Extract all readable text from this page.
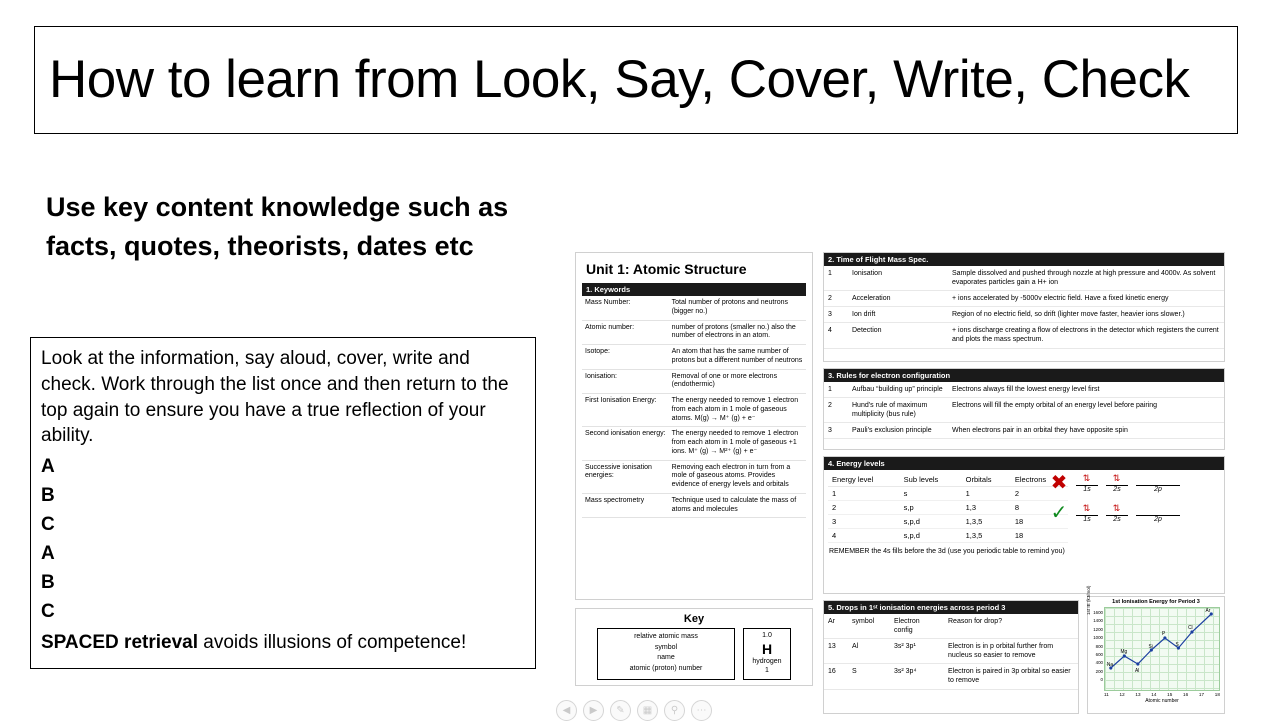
How to learn from Look, Say, Cover, Write, Check
Use key content knowledge such as facts, quotes, theorists, dates etc

Look at the information, say aloud, cover, write and check. Work through the list once and then return to the top again to ensure you have a true reflection of your ability.

A
B
C
A
B
C
SPACED retrieval avoids illusions of competence!
Unit 1: Atomic Structure
1. Keywords
Mass Number:	Total number of protons and neutrons (bigger no.)
Atomic number:	number of protons (smaller no.) also the number of electrons in an atom.
Isotope:	An atom that has the same number of protons but a different number of neutrons
Ionisation:	Removal of one or more electrons (endothermic)
First Ionisation Energy:	The energy needed to remove 1 electron from each atom in 1 mole of gaseous atoms. M(g) → M⁺ (g) + e⁻
Second ionisation energy:	The energy needed to remove 1 electron from each atom in 1 mole of gaseous +1 ions. M⁺ (g) → M²⁺ (g) + e⁻
Successive ionisation energies:	Removing each electron in turn from a mole of gaseous atoms. Provides evidence of energy levels and orbitals
Mass spectrometry	Technique used to calculate the mass of atoms and molecules
Key
relative atomic mass
symbol
name
atomic (proton) number
1.0
H
hydrogen
1
2. Time of Flight Mass Spec.
1	Ionisation	Sample dissolved and pushed through nozzle at high pressure and 4000v. As solvent evaporates particles gain a H+ ion
2	Acceleration	+ ions accelerated by -5000v electric field. Have a fixed kinetic energy
3	Ion drift	Region of no electric field, so drift (lighter move faster, heavier ions slower.)
4	Detection	+ ions discharge creating a flow of electrons in the detector which registers the current and plots the mass spectrum.
3. Rules for electron configuration
1	Aufbau “building up” principle	Electrons always fill the lowest energy level first
2	Hund’s rule of maximum multiplicity (bus rule)	Electrons will fill the empty orbital of an energy level before pairing
3	Pauli’s exclusion principle	When electrons pair in an orbital they have opposite spin
4. Energy levels
Energy level	Sub levels	Orbitals	Electrons
1	s	1	2
2	s,p	1,3	8
3	s,p,d	1,3,5	18
4	s,p,d	1,3,5	18
REMEMBER the 4s fills before the 3d (use you periodic table to remind you)
✖	⇅
1s
⇅
2s
	2p
✓	⇅
1s
⇅
2s
	2p
5. Drops in 1ˢᵗ ionisation energies across period 3
Ar	symbol	Electron config	Reason for drop?
13	Al	3s² 3p¹	Electron is in p orbital further from nucleus so easier to remove
16	S	3s² 3p⁴	Electron is paired in 3p orbital so easier to remove
1st Ionisation Energy for Period 3
1st IE (kJ/mol) 1600
1400
1200
1000
800
600
400
200
0
Na
Mg
Al
Si
P
S
Cl
Ar
11 12 13 14 15 16 17 18
Atomic number
◀	▶	✎	▦	⚲	⋯
